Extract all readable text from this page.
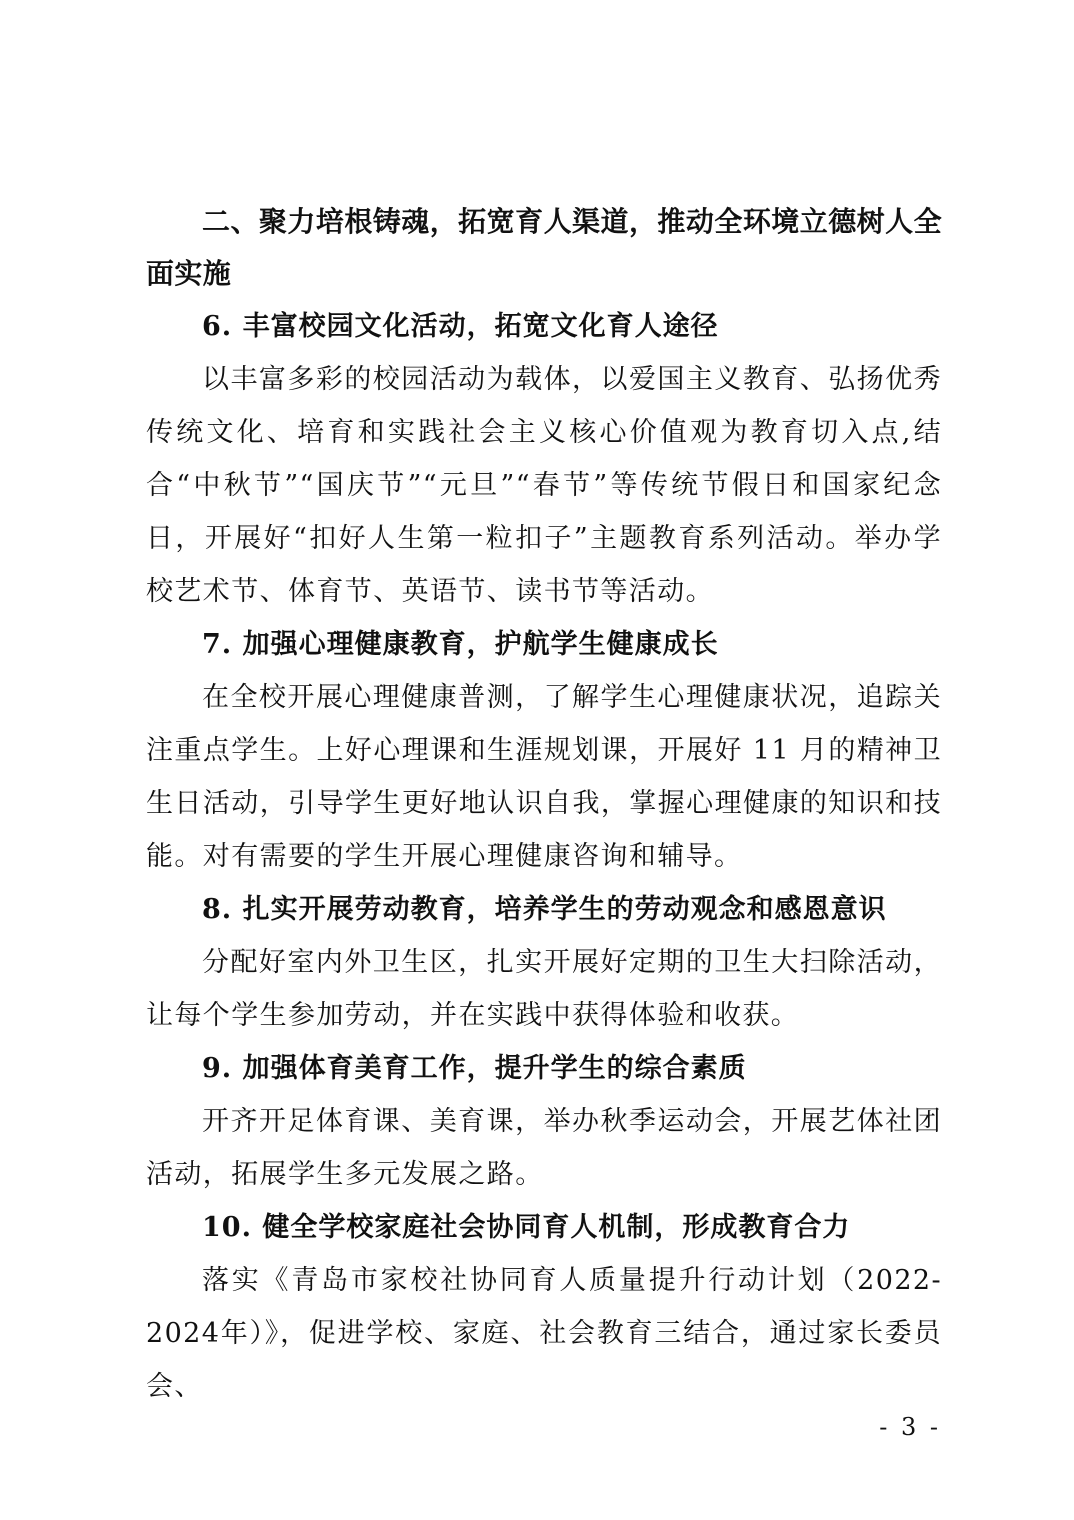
二、聚力培根铸魂，拓宽育人渠道，推动全环境立德树人全面实施

6. 丰富校园文化活动，拓宽文化育人途径

以丰富多彩的校园活动为载体，以爱国主义教育、弘扬优秀传统文化、培育和实践社会主义核心价值观为教育切入点,结合“中秋节”“国庆节”“元旦”“春节”等传统节假日和国家纪念日，开展好“扣好人生第一粒扣子”主题教育系列活动。举办学校艺术节、体育节、英语节、读书节等活动。

7. 加强心理健康教育，护航学生健康成长

在全校开展心理健康普测，了解学生心理健康状况，追踪关注重点学生。上好心理课和生涯规划课，开展好 11 月的精神卫生日活动，引导学生更好地认识自我，掌握心理健康的知识和技能。对有需要的学生开展心理健康咨询和辅导。

8. 扎实开展劳动教育，培养学生的劳动观念和感恩意识

分配好室内外卫生区，扎实开展好定期的卫生大扫除活动，让每个学生参加劳动，并在实践中获得体验和收获。

9. 加强体育美育工作，提升学生的综合素质

开齐开足体育课、美育课，举办秋季运动会，开展艺体社团活动，拓展学生多元发展之路。

10. 健全学校家庭社会协同育人机制，形成教育合力

落实《青岛市家校社协同育人质量提升行动计划（2022-2024年）》，促进学校、家庭、社会教育三结合，通过家长委员会、

- 3 -
